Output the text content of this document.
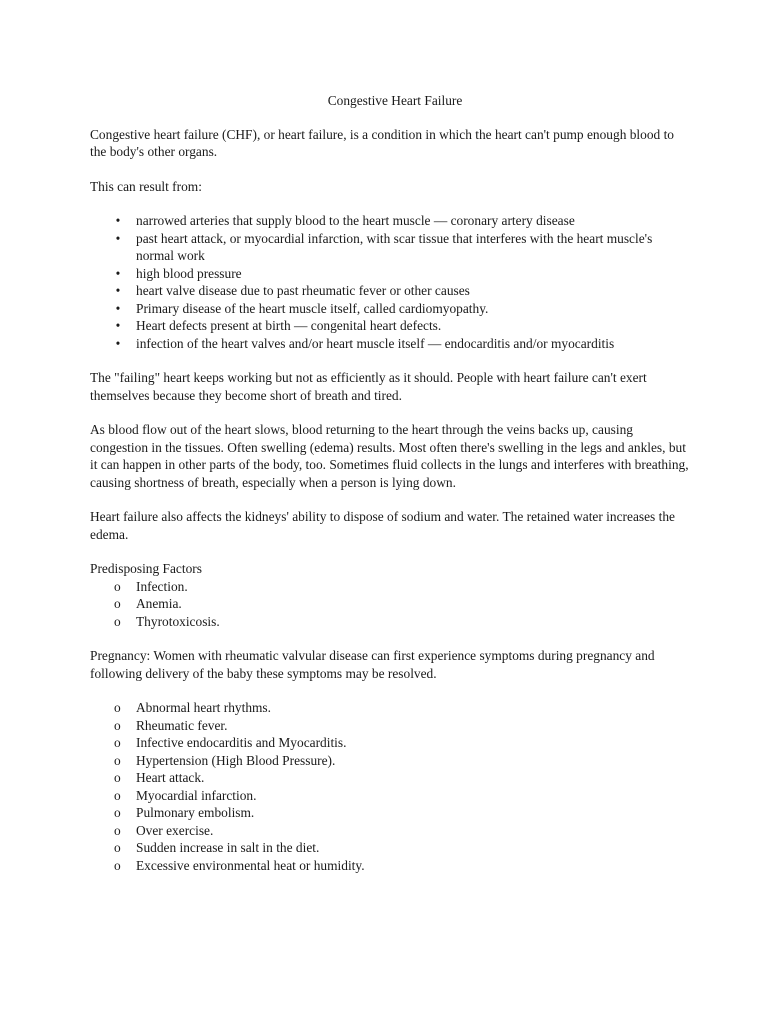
Congestive Heart Failure

Congestive heart failure (CHF), or heart failure, is a condition in which the heart can't pump enough blood to the body's other organs.

This can result from:

• narrowed arteries that supply blood to the heart muscle — coronary artery disease
• past heart attack, or myocardial infarction, with scar tissue that interferes with the heart muscle's normal work
• high blood pressure
• heart valve disease due to past rheumatic fever or other causes
• Primary disease of the heart muscle itself, called cardiomyopathy.
• Heart defects present at birth — congenital heart defects.
• infection of the heart valves and/or heart muscle itself — endocarditis and/or myocarditis

The "failing" heart keeps working but not as efficiently as it should. People with heart failure can't exert themselves because they become short of breath and tired.

As blood flow out of the heart slows, blood returning to the heart through the veins backs up, causing congestion in the tissues. Often swelling (edema) results. Most often there's swelling in the legs and ankles, but it can happen in other parts of the body, too. Sometimes fluid collects in the lungs and interferes with breathing, causing shortness of breath, especially when a person is lying down.

Heart failure also affects the kidneys' ability to dispose of sodium and water. The retained water increases the edema.

Predisposing Factors
o Infection.
o Anemia.
o Thyrotoxicosis.

Pregnancy: Women with rheumatic valvular disease can first experience symptoms during pregnancy and following delivery of the baby these symptoms may be resolved.

o Abnormal heart rhythms.
o Rheumatic fever.
o Infective endocarditis and Myocarditis.
o Hypertension (High Blood Pressure).
o Heart attack.
o Myocardial infarction.
o Pulmonary embolism.
o Over exercise.
o Sudden increase in salt in the diet.
o Excessive environmental heat or humidity.
